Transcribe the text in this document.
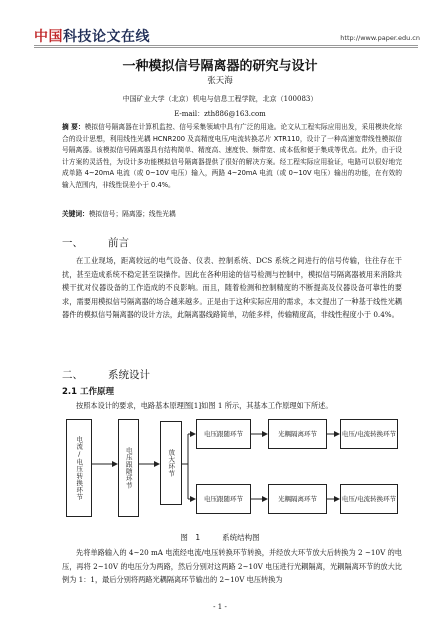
中国科技论文在线	http://www.paper.edu.cn
一种模拟信号隔离器的研究与设计
张天海
中国矿业大学（北京）机电与信息工程学院，北京（100083）
E-mail：zth886@163.com
摘 要：模拟信号隔离器在计算机监控、信号采集领域中具有广泛的用途。论文从工程实际应用出发，采用模块化综合的设计思想，利用线性光耦 HCNR200 及高精度电压/电流转换芯片 XTR110，设计了一种高速宽带线性模拟信号隔离器。该模拟信号隔离器具有结构简单、精度高、速度快、频带宽、成本低和便于集成等优点。此外，由于设计方案的灵活性，为设计多功能模拟信号隔离器提供了很好的解决方案。经工程实际应用验证，电路可以很好地完成单路 4~20mA 电流（或 0~10V 电压）输入，两路 4~20mA 电流（或 0~10V 电压）输出的功能，在有效的输入范围内，非线性误差小于 0.4%。
关键词：模拟信号；隔离器；线性光耦
一、 前言
在工业现场，距离较远的电气设备、仪表、控制系统、DCS 系统之间进行的信号传输，往往存在干扰，甚至造成系统不稳定甚至误操作。因此在各种用途的信号检测与控制中，模拟信号隔离器被用来消除共模干扰对仪器设备的工作造成的不良影响。而且，随着检测和控制精度的不断提高及仪器设备可靠性的要求，需要用模拟信号隔离器的场合越来越多。正是由于这种实际应用的需求，本文提出了一种基于线性光耦器件的模拟信号隔离器的设计方法，此隔离器线路简单，功能多样，传输精度高，非线性程度小于 0.4%。
二、 系统设计
2.1 工作原理
按照本设计的要求，电路基本原理图[1]如图 1 所示，其基本工作原理如下所述。
电流/电压转换环节	电压跟随环节	放大环节
电压跟随环节	光耦隔离环节	电压/电流转换环节
电压跟随环节	光耦隔离环节	电压/电流转换环节
图　1	系统结构图
先将单路输入的 4~20 mA 电流经电流/电压转换环节转换，并经放大环节放大后转换为 2 ~10V 的电压，再将 2~10V 的电压分为两路，然后分别对这两路 2~10V 电压进行光耦隔离，光耦隔离环节的放大比例为 1：1，最后分别将两路光耦隔离环节输出的 2~10V 电压转换为
- 1 -
